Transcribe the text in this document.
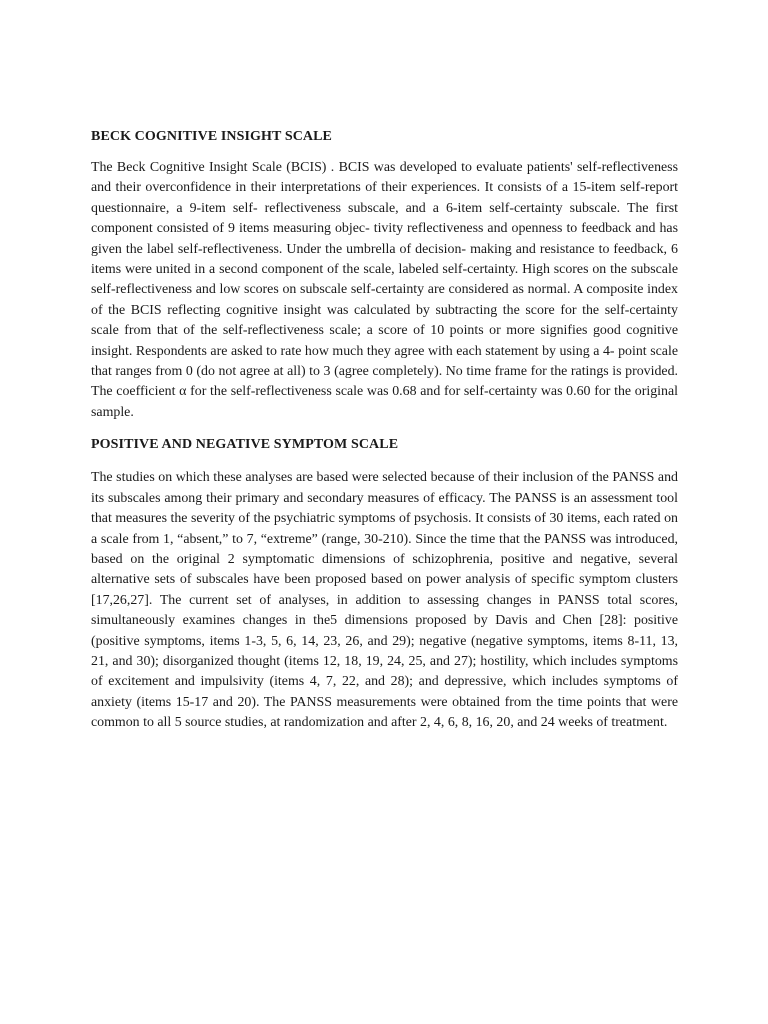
BECK COGNITIVE INSIGHT SCALE

The Beck Cognitive Insight Scale (BCIS) . BCIS was developed to evaluate patients' self-reflectiveness and their overconfidence in their interpretations of their experiences. It consists of a 15-item self-report questionnaire, a 9-item self- reflectiveness subscale, and a 6-item self-certainty subscale. The first component consisted of 9 items measuring objec- tivity reflectiveness and openness to feedback and has given the label self-reflectiveness. Under the umbrella of decision- making and resistance to feedback, 6 items were united in a second component of the scale, labeled self-certainty. High scores on the subscale self-reflectiveness and low scores on subscale self-certainty are considered as normal. A composite index of the BCIS reflecting cognitive insight was calculated by subtracting the score for the self-certainty scale from that of the self-reflectiveness scale; a score of 10 points or more signifies good cognitive insight. Respondents are asked to rate how much they agree with each statement by using a 4- point scale that ranges from 0 (do not agree at all) to 3 (agree completely). No time frame for the ratings is provided. The coefficient α for the self-reflectiveness scale was 0.68 and for self-certainty was 0.60 for the original sample.

POSITIVE AND NEGATIVE SYMPTOM SCALE

The studies on which these analyses are based were selected because of their inclusion of the PANSS and its subscales among their primary and secondary measures of efficacy. The PANSS is an assessment tool that measures the severity of the psychiatric symptoms of psychosis. It consists of 30 items, each rated on a scale from 1, “absent,” to 7, “extreme” (range, 30-210). Since the time that the PANSS was introduced, based on the original 2 symptomatic dimensions of schizophrenia, positive and negative, several alternative sets of subscales have been proposed based on power analysis of specific symptom clusters [17,26,27]. The current set of analyses, in addition to assessing changes in PANSS total scores, simultaneously examines changes in the5 dimensions proposed by Davis and Chen [28]: positive (positive symptoms, items 1-3, 5, 6, 14, 23, 26, and 29); negative (negative symptoms, items 8-11, 13, 21, and 30); disorganized thought (items 12, 18, 19, 24, 25, and 27); hostility, which includes symptoms of excitement and impulsivity (items 4, 7, 22, and 28); and depressive, which includes symptoms of anxiety (items 15-17 and 20). The PANSS measurements were obtained from the time points that were common to all 5 source studies, at randomization and after 2, 4, 6, 8, 16, 20, and 24 weeks of treatment.
